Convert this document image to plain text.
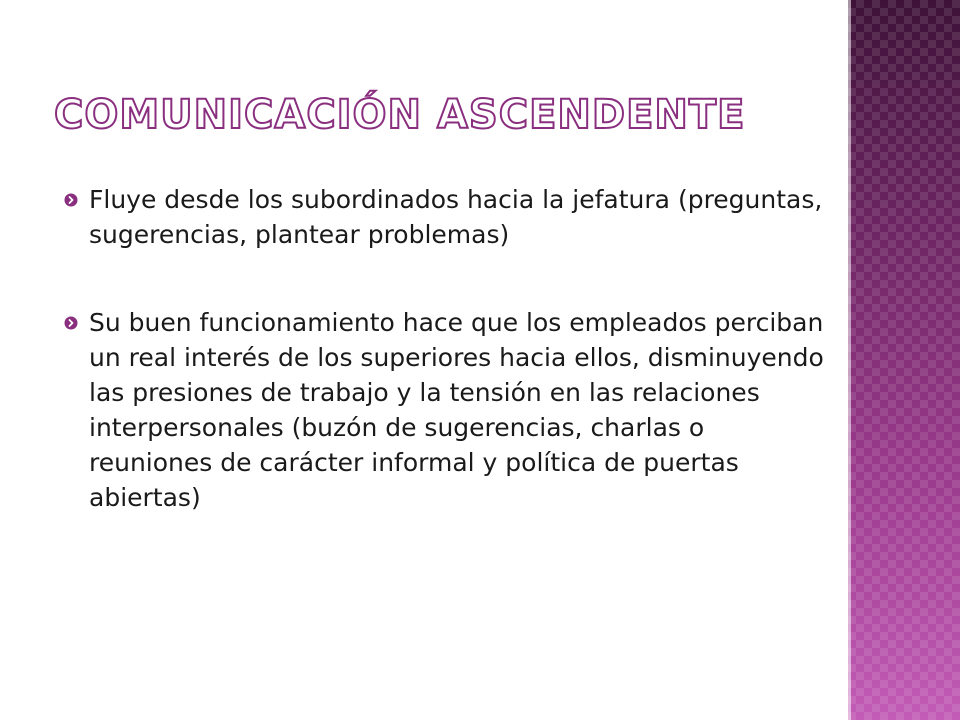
COMUNICACIÓN ASCENDENTE
Fluye desde los subordinados hacia la jefatura (preguntas, sugerencias, plantear problemas)
Su buen funcionamiento hace que los empleados perciban un real interés de los superiores hacia ellos, disminuyendo las presiones de trabajo y la tensión en las relaciones interpersonales (buzón de sugerencias, charlas o reuniones de carácter informal y política de puertas abiertas)
